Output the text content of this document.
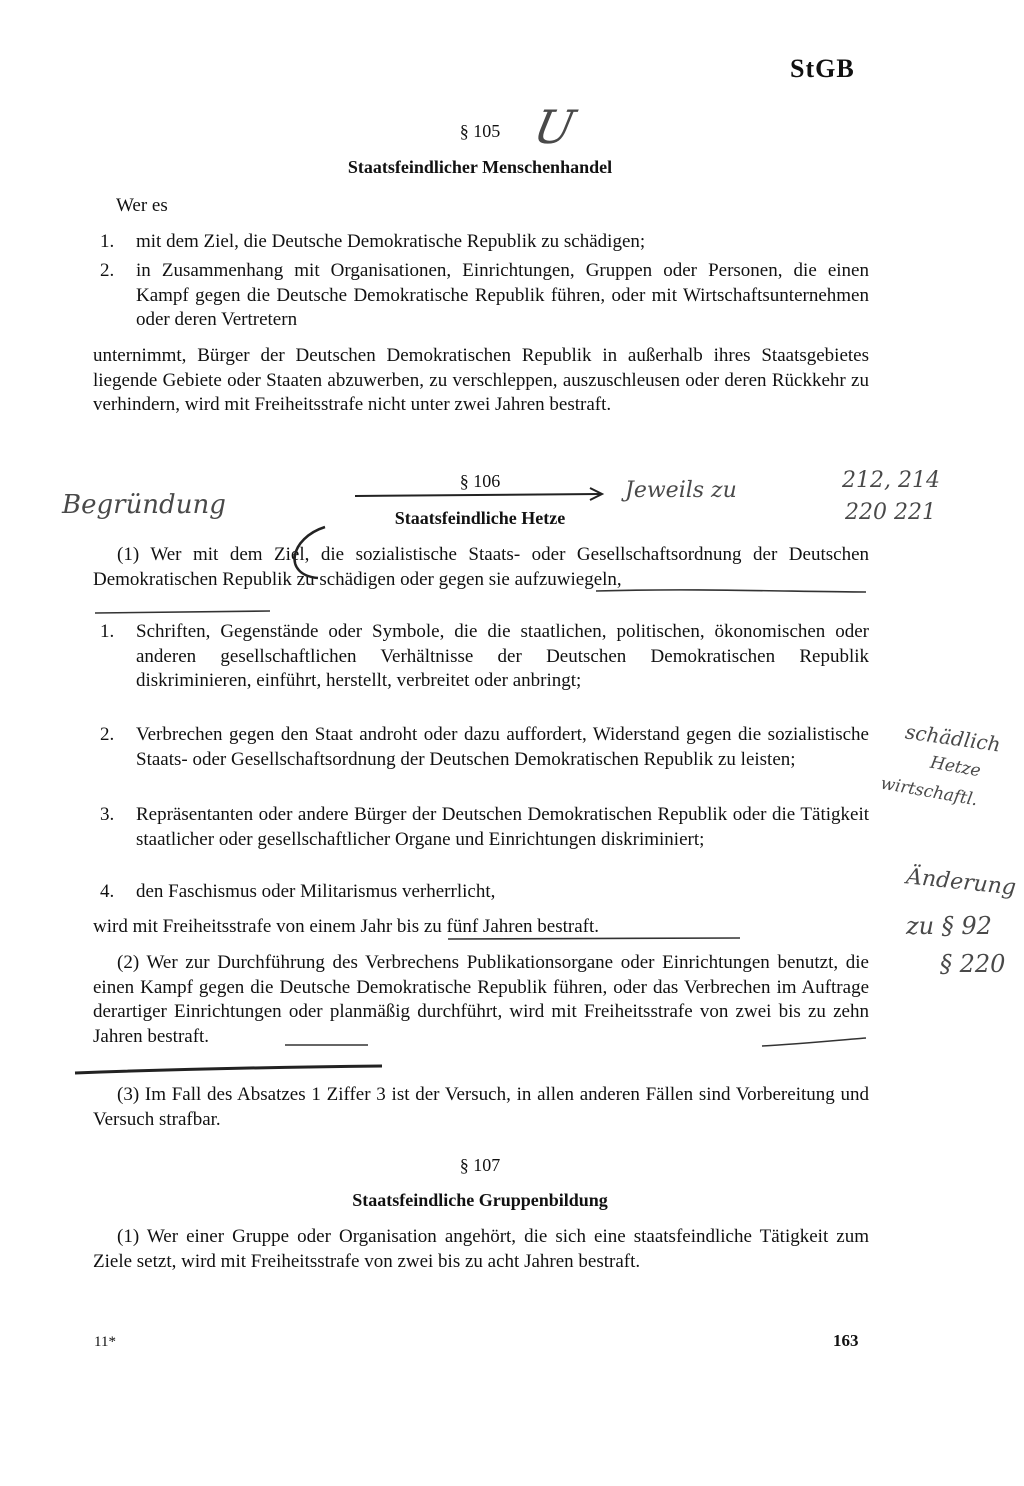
StGB
§ 105 U
Staatsfeindlicher Menschenhandel
Wer es
1.	mit dem Ziel, die Deutsche Demokratische Republik zu schädigen;
2.	in Zusammenhang mit Organisationen, Einrichtungen, Gruppen oder Personen, die einen Kampf gegen die Deutsche Demokratische Republik führen, oder mit Wirtschaftsunternehmen oder deren Vertretern
unternimmt, Bürger der Deutschen Demokratischen Republik in außerhalb ihres Staatsgebietes liegende Gebiete oder Staaten abzuwerben, zu verschleppen, auszuschleusen oder deren Rückkehr zu verhindern, wird mit Freiheitsstrafe nicht unter zwei Jahren bestraft.
§ 106
Staatsfeindliche Hetze
Begründung	Jeweils zu	212, 214
220 221
(1) Wer mit dem Ziel, die sozialistische Staats- oder Gesellschaftsordnung der Deutschen Demokratischen Republik zu schädigen oder gegen sie aufzuwiegeln,
1.	Schriften, Gegenstände oder Symbole, die die staatlichen, politischen, ökonomischen oder anderen gesellschaftlichen Verhältnisse der Deutschen Demokratischen Republik diskriminieren, einführt, herstellt, verbreitet oder anbringt;
2.	Verbrechen gegen den Staat androht oder dazu auffordert, Widerstand gegen die sozialistische Staats- oder Gesellschaftsordnung der Deutschen Demokratischen Republik zu leisten;
3.	Repräsentanten oder andere Bürger der Deutschen Demokratischen Republik oder die Tätigkeit staatlicher oder gesellschaftlicher Organe und Einrichtungen diskriminiert;
4.	den Faschismus oder Militarismus verherrlicht,
wird mit Freiheitsstrafe von einem Jahr bis zu fünf Jahren bestraft.
schädlich
Hetze
wirtschaftl.
Änderung
zu § 92
§ 220
(2) Wer zur Durchführung des Verbrechens Publikationsorgane oder Einrichtungen benutzt, die einen Kampf gegen die Deutsche Demokratische Republik führen, oder das Verbrechen im Auftrage derartiger Einrichtungen oder planmäßig durchführt, wird mit Freiheitsstrafe von zwei bis zu zehn Jahren bestraft.
(3) Im Fall des Absatzes 1 Ziffer 3 ist der Versuch, in allen anderen Fällen sind Vorbereitung und Versuch strafbar.
§ 107
Staatsfeindliche Gruppenbildung
(1) Wer einer Gruppe oder Organisation angehört, die sich eine staatsfeindliche Tätigkeit zum Ziele setzt, wird mit Freiheitsstrafe von zwei bis zu acht Jahren bestraft.
11*	163
